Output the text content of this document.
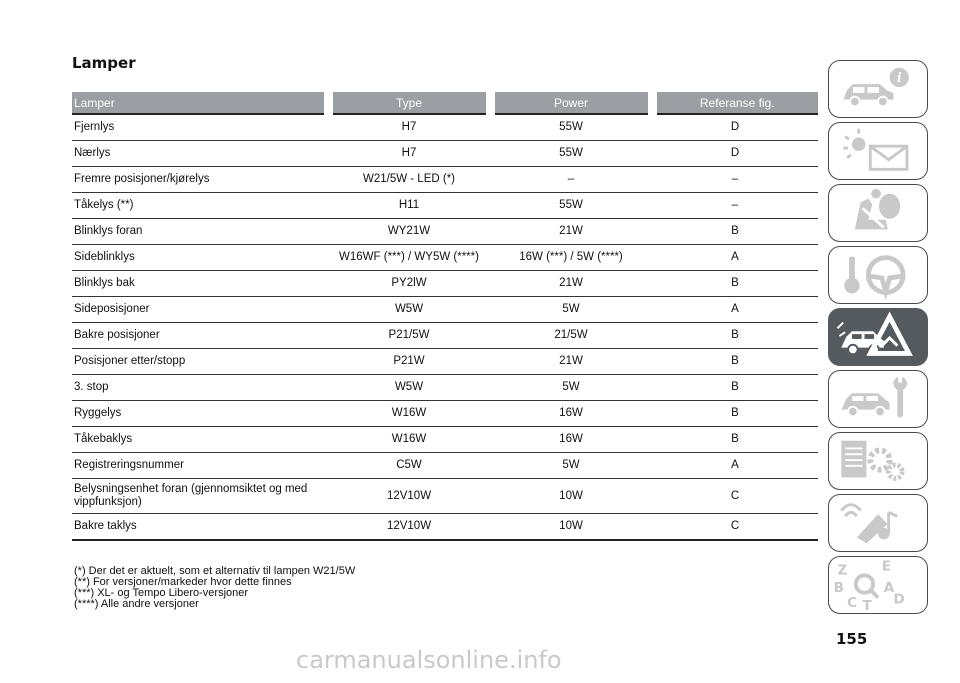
Lamper
Lamper	Type	Power	Referanse fig.
Fjernlys	H7	55W	D
Nærlys	H7	55W	D
Fremre posisjoner/kjørelys	W21/5W - LED (*)	–	–
Tåkelys (**)	H11	55W	–
Blinklys foran	WY21W	21W	B
Sideblinklys	W16WF (***) / WY5W (****)	16W (***) / 5W (****)	A
Blinklys bak	PY2lW	21W	B
Sideposisjoner	W5W	5W	A
Bakre posisjoner	P21/5W	21/5W	B
Posisjoner etter/stopp	P21W	21W	B
3. stop	W5W	5W	B
Ryggelys	W16W	16W	B
Tåkebaklys	W16W	16W	B
Registreringsnummer	C5W	5W	A
Belysningsenhet foran (gjennomsiktet og med vippfunksjon)	12V10W	10W	C
Bakre taklys	12V10W	10W	C
(*) Der det er aktuelt, som et alternativ til lampen W21/5W
(**) For versjoner/markeder hvor dette finnes
(***) XL- og Tempo Libero-versjoner
(****) Alle andre versjoner
155
carmanualsonline.info
i
Z E
B	A
C T D
